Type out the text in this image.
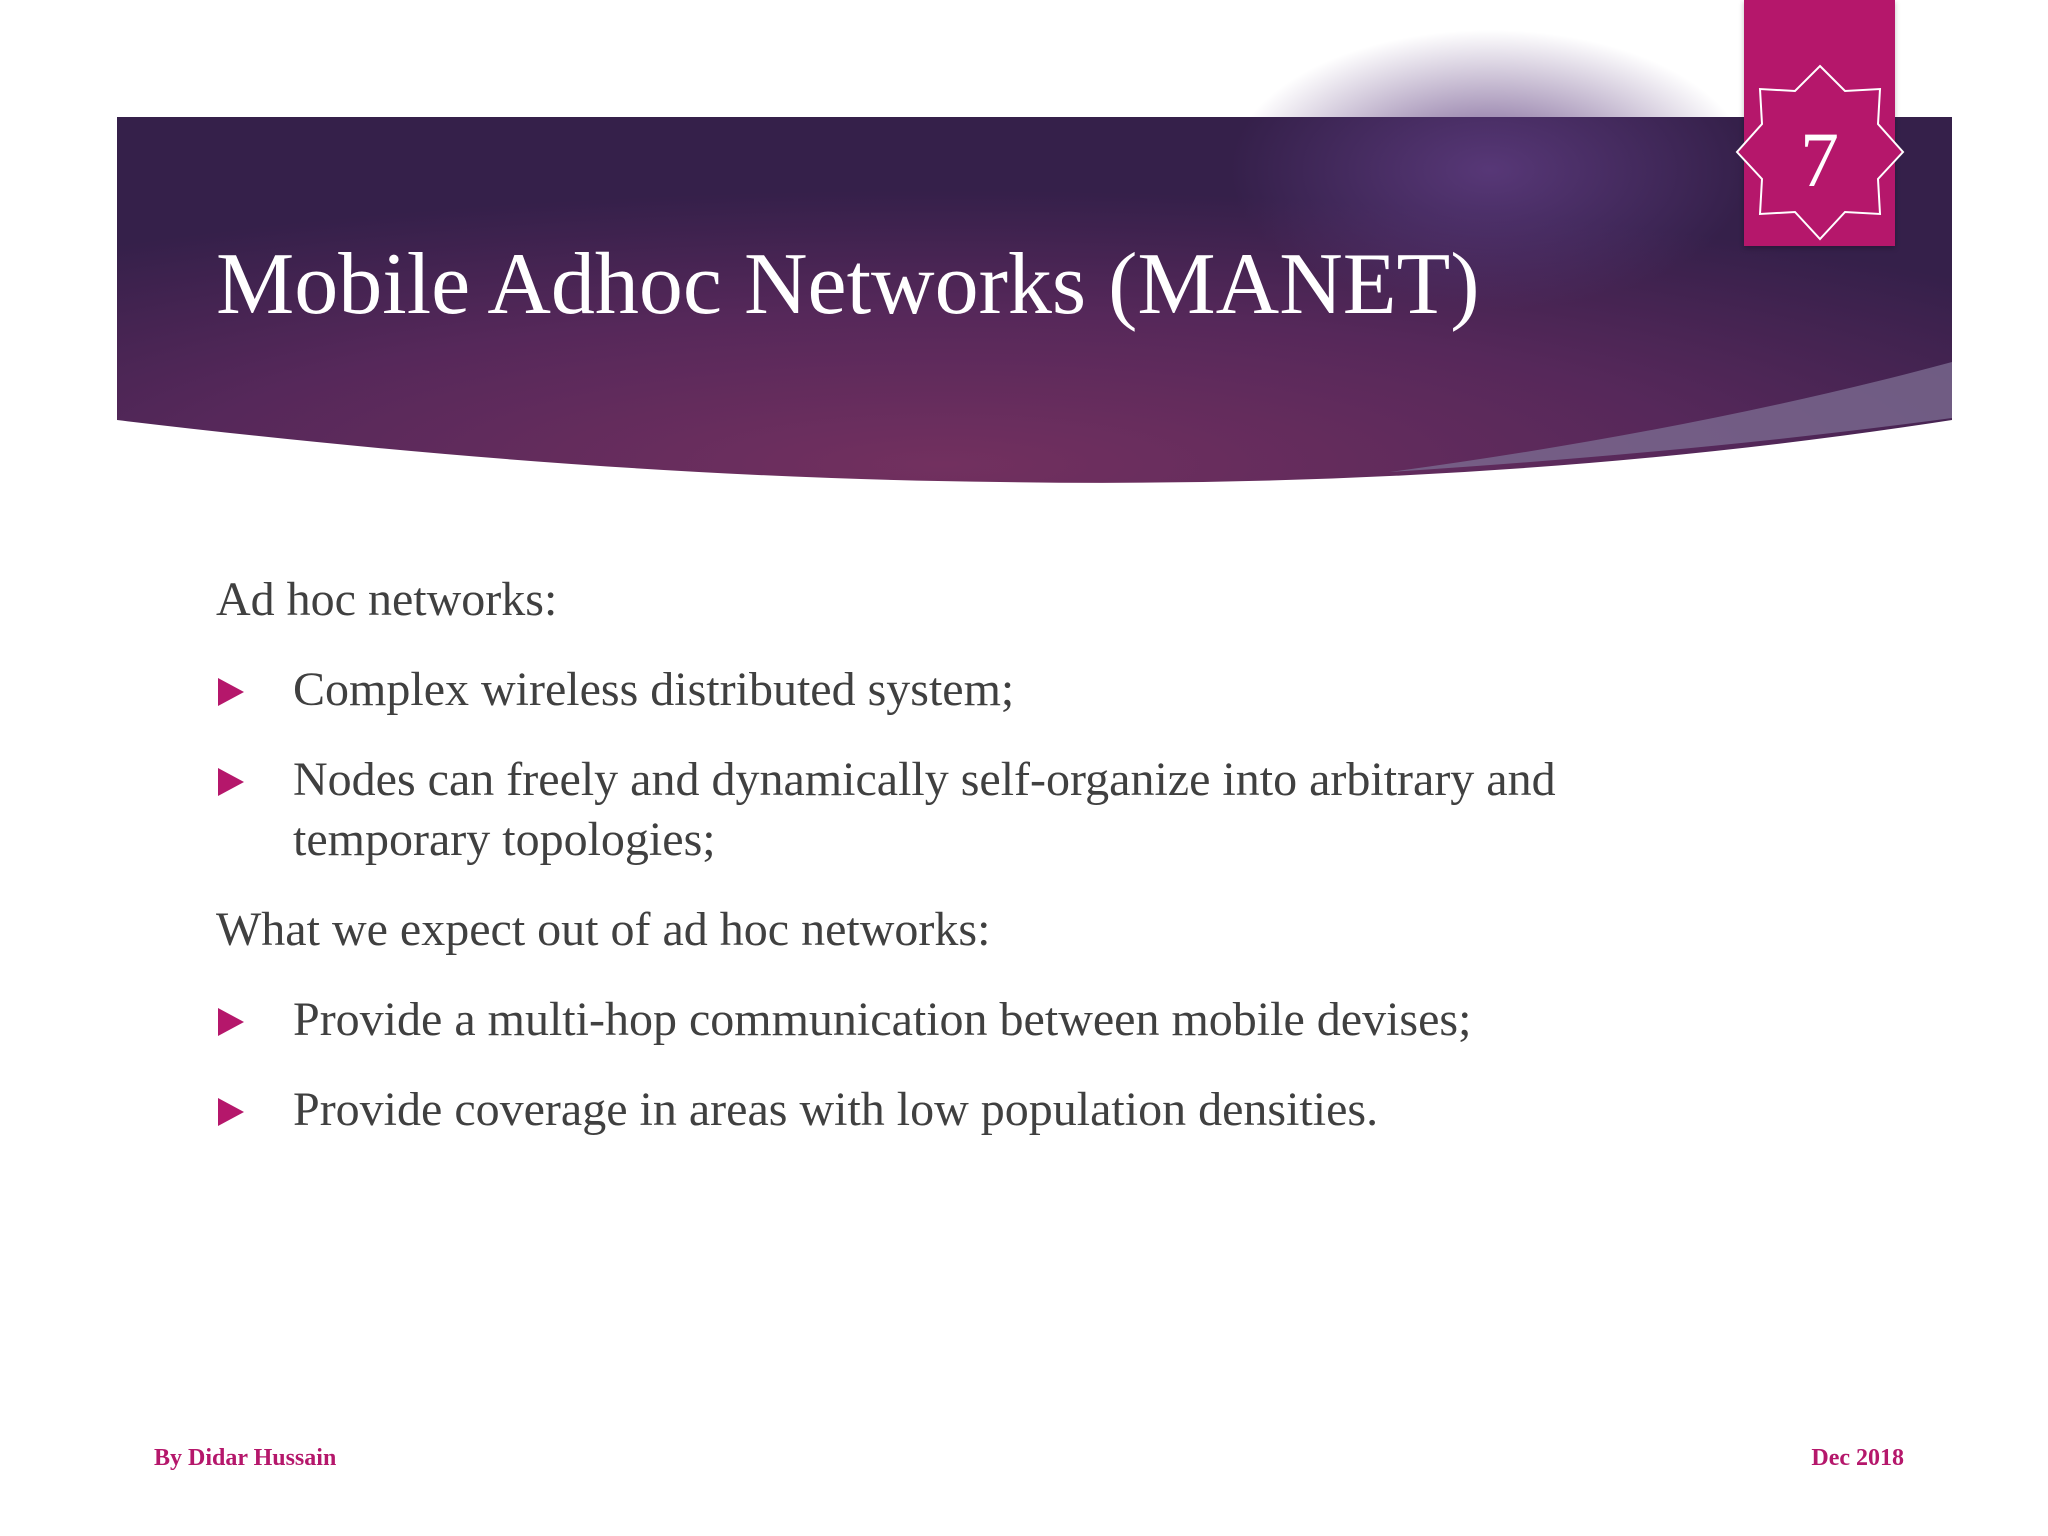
Mobile Adhoc Networks (MANET)
7

Ad hoc networks:

Complex wireless distributed system;
Nodes can freely and dynamically self-organize into arbitrary and temporary topologies;

What we expect out of ad hoc networks:

Provide a multi-hop communication between mobile devises;
Provide coverage in areas with low population densities.
By Didar Hussain	Dec 2018
